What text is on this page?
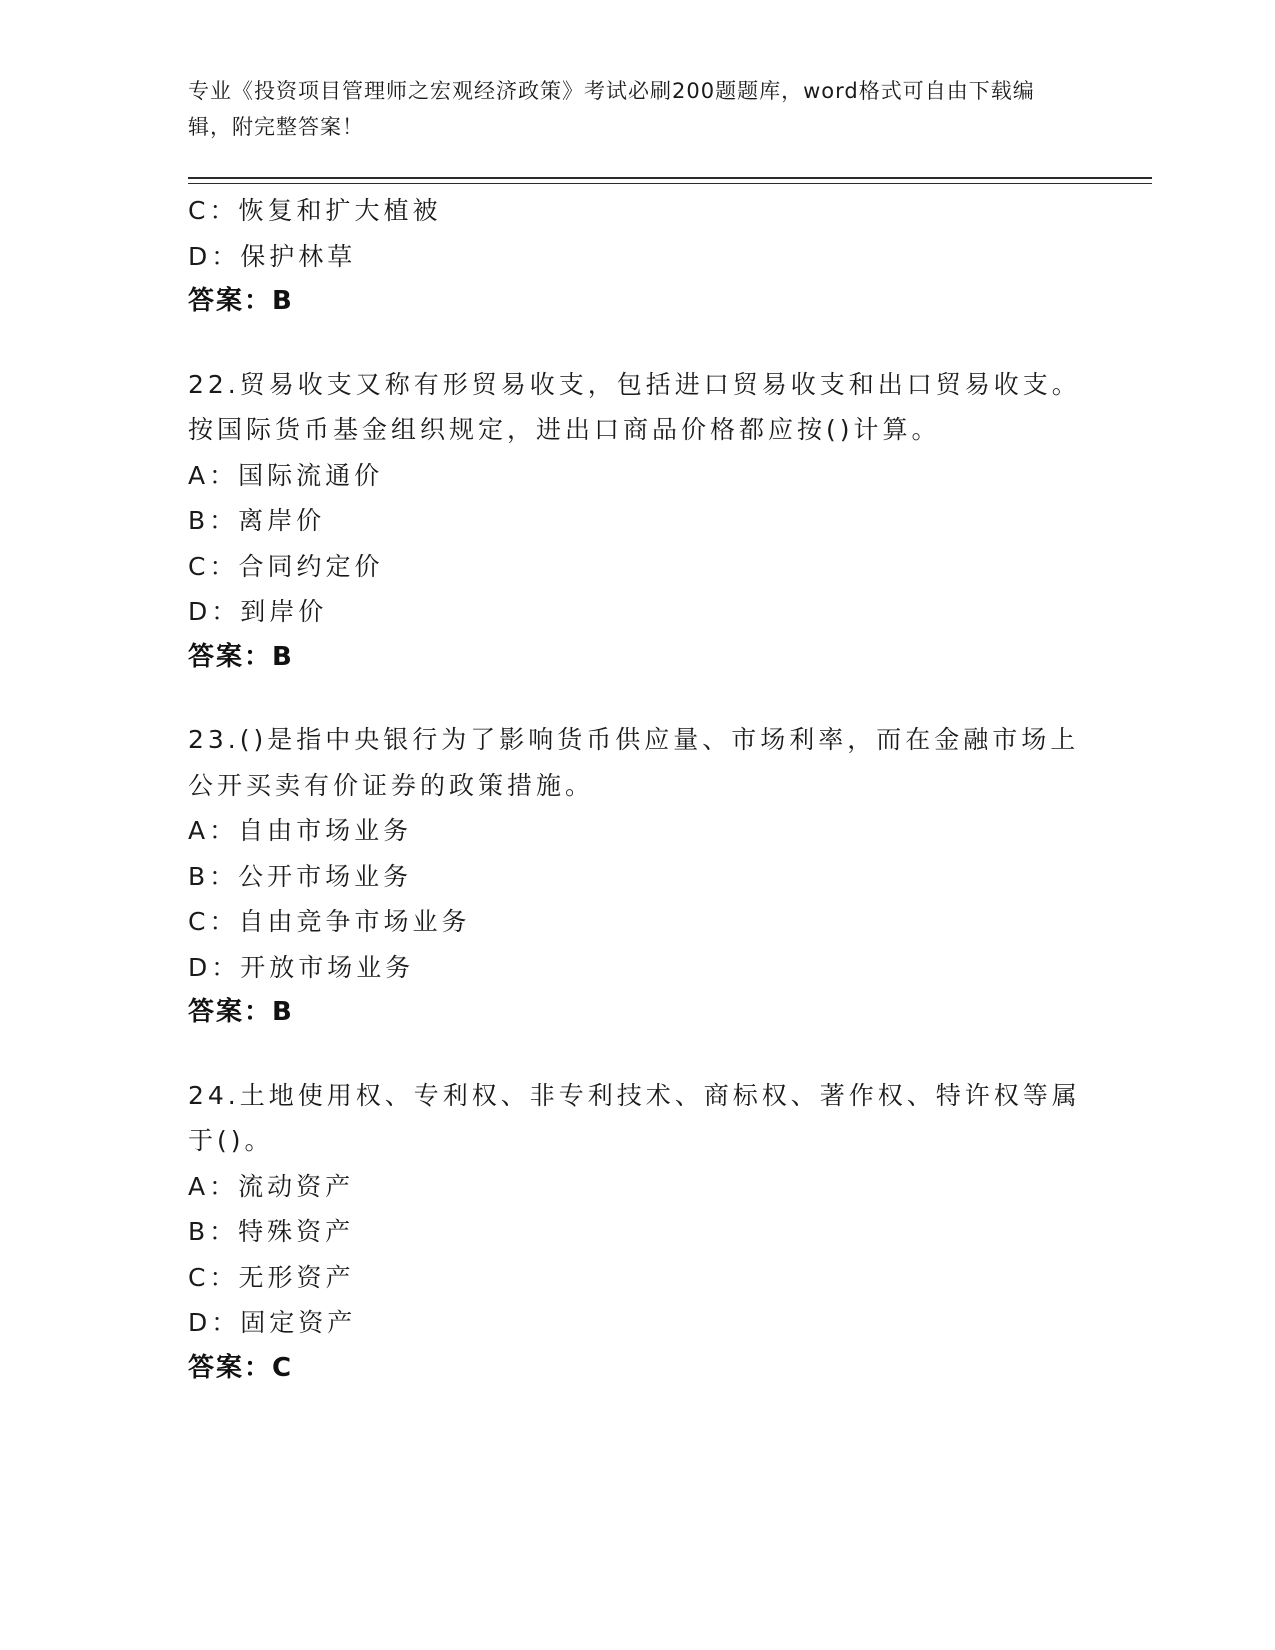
专业《投资项目管理师之宏观经济政策》考试必刷200题题库，word格式可自由下载编辑，附完整答案！
C：恢复和扩大植被
D：保护林草
答案：B
22.贸易收支又称有形贸易收支，包括进口贸易收支和出口贸易收支。按国际货币基金组织规定，进出口商品价格都应按()计算。
A：国际流通价
B：离岸价
C：合同约定价
D：到岸价
答案：B
23.()是指中央银行为了影响货币供应量、市场利率，而在金融市场上公开买卖有价证券的政策措施。
A：自由市场业务
B：公开市场业务
C：自由竞争市场业务
D：开放市场业务
答案：B
24.土地使用权、专利权、非专利技术、商标权、著作权、特许权等属于()。
A：流动资产
B：特殊资产
C：无形资产
D：固定资产
答案：C
